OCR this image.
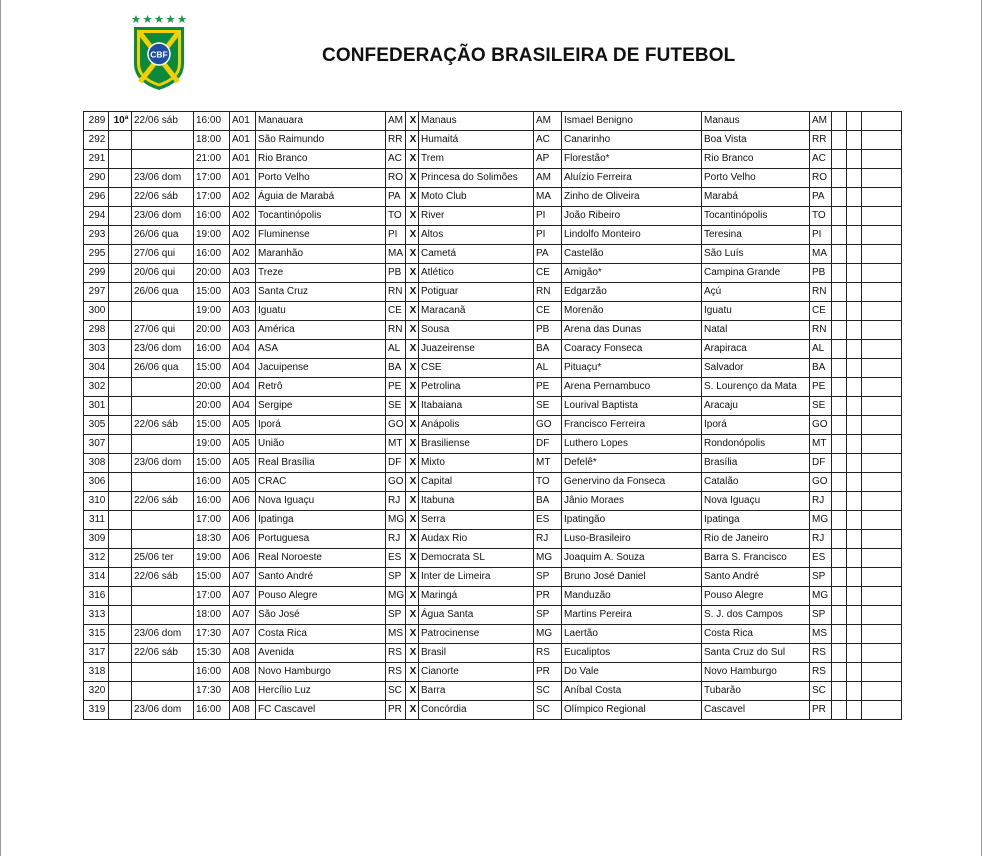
CBF	CONFEDERAÇÃO BRASILEIRA DE FUTEBOL
289	10ª	22/06 sáb	16:00	A01	Manauara	AM	X	Manaus	AM	Ismael Benigno	Manaus	AM			
292			18:00	A01	São Raimundo	RR	X	Humaitá	AC	Canarinho	Boa Vista	RR			
291			21:00	A01	Rio Branco	AC	X	Trem	AP	Florestão*	Rio Branco	AC			
290		23/06 dom	17:00	A01	Porto Velho	RO	X	Princesa do Solimões	AM	Aluízio Ferreira	Porto Velho	RO			
296		22/06 sáb	17:00	A02	Águia de Marabá	PA	X	Moto Club	MA	Zinho de Oliveira	Marabá	PA			
294		23/06 dom	16:00	A02	Tocantinópolis	TO	X	River	PI	João Ribeiro	Tocantinópolis	TO			
293		26/06 qua	19:00	A02	Fluminense	PI	X	Altos	PI	Lindolfo Monteiro	Teresina	PI			
295		27/06 qui	16:00	A02	Maranhão	MA	X	Cametá	PA	Castelão	São Luís	MA			
299		20/06 qui	20:00	A03	Treze	PB	X	Atlético	CE	Amigão*	Campina Grande	PB			
297		26/06 qua	15:00	A03	Santa Cruz	RN	X	Potiguar	RN	Edgarzão	Açú	RN			
300			19:00	A03	Iguatu	CE	X	Maracanã	CE	Morenão	Iguatu	CE			
298		27/06 qui	20:00	A03	América	RN	X	Sousa	PB	Arena das Dunas	Natal	RN			
303		23/06 dom	16:00	A04	ASA	AL	X	Juazeirense	BA	Coaracy Fonseca	Arapiraca	AL			
304		26/06 qua	15:00	A04	Jacuipense	BA	X	CSE	AL	Pituaçu*	Salvador	BA			
302			20:00	A04	Retrô	PE	X	Petrolina	PE	Arena Pernambuco	S. Lourenço da Mata	PE			
301			20:00	A04	Sergipe	SE	X	Itabaiana	SE	Lourival Baptista	Aracaju	SE			
305		22/06 sáb	15:00	A05	Iporá	GO	X	Anápolis	GO	Francisco Ferreira	Iporá	GO			
307			19:00	A05	União	MT	X	Brasiliense	DF	Luthero Lopes	Rondonópolis	MT			
308		23/06 dom	15:00	A05	Real Brasília	DF	X	Mixto	MT	Defelê*	Brasília	DF			
306			16:00	A05	CRAC	GO	X	Capital	TO	Genervino da Fonseca	Catalão	GO			
310		22/06 sáb	16:00	A06	Nova Iguaçu	RJ	X	Itabuna	BA	Jânio Moraes	Nova Iguaçu	RJ			
311			17:00	A06	Ipatinga	MG	X	Serra	ES	Ipatingão	Ipatinga	MG			
309			18:30	A06	Portuguesa	RJ	X	Audax Rio	RJ	Luso-Brasileiro	Rio de Janeiro	RJ			
312		25/06 ter	19:00	A06	Real Noroeste	ES	X	Democrata SL	MG	Joaquim A. Souza	Barra S. Francisco	ES			
314		22/06 sáb	15:00	A07	Santo André	SP	X	Inter de Limeira	SP	Bruno José Daniel	Santo André	SP			
316			17:00	A07	Pouso Alegre	MG	X	Maringá	PR	Manduzão	Pouso Alegre	MG			
313			18:00	A07	São José	SP	X	Água Santa	SP	Martins Pereira	S. J. dos Campos	SP			
315		23/06 dom	17:30	A07	Costa Rica	MS	X	Patrocinense	MG	Laertão	Costa Rica	MS			
317		22/06 sáb	15:30	A08	Avenida	RS	X	Brasil	RS	Eucaliptos	Santa Cruz do Sul	RS			
318			16:00	A08	Novo Hamburgo	RS	X	Cianorte	PR	Do Vale	Novo Hamburgo	RS			
320			17:30	A08	Hercílio Luz	SC	X	Barra	SC	Aníbal Costa	Tubarão	SC			
319		23/06 dom	16:00	A08	FC Cascavel	PR	X	Concórdia	SC	Olímpico Regional	Cascavel	PR			
